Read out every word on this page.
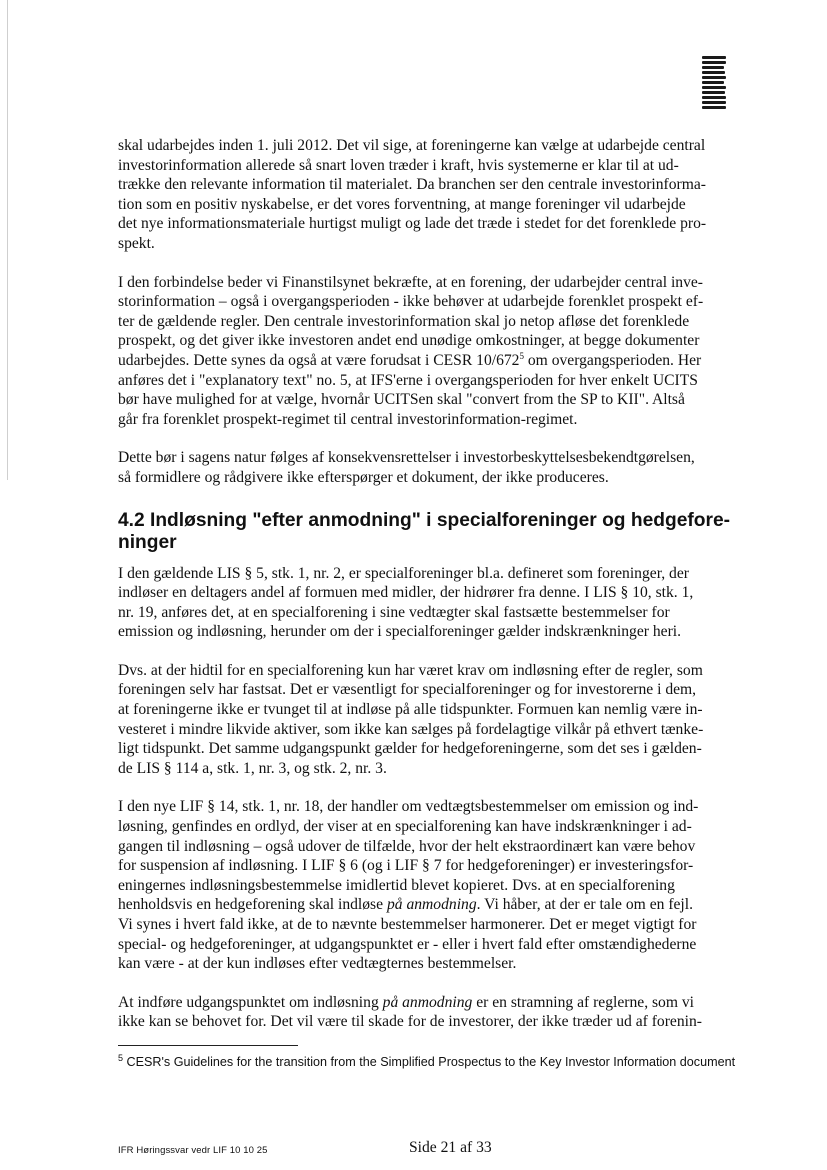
skal udarbejdes inden 1. juli 2012. Det vil sige, at foreningerne kan vælge at udarbejde central
investorinformation allerede så snart loven træder i kraft, hvis systemerne er klar til at ud-
trække den relevante information til materialet. Da branchen ser den centrale investorinforma-
tion som en positiv nyskabelse, er det vores forventning, at mange foreninger vil udarbejde
det nye informationsmateriale hurtigst muligt og lade det træde i stedet for det forenklede pro-
spekt.

I den forbindelse beder vi Finanstilsynet bekræfte, at en forening, der udarbejder central inve-
storinformation – også i overgangsperioden - ikke behøver at udarbejde forenklet prospekt ef-
ter de gældende regler. Den centrale investorinformation skal jo netop afløse det forenklede
prospekt, og det giver ikke investoren andet end unødige omkostninger, at begge dokumenter
udarbejdes. Dette synes da også at være forudsat i CESR $10/672^5$ om overgangsperioden. Her
anføres det i "explanatory text" no. 5, at IFS'erne i overgangsperioden for hver enkelt UCITS
bør have mulighed for at vælge, hvornår UCITSen skal "convert from the SP to KII". Altså
går fra forenklet prospekt-regimet til central investorinformation-regimet.

Dette bør i sagens natur følges af konsekvensrettelser i investorbeskyttelsesbekendtgørelsen,
så formidlere og rådgivere ikke efterspørger et dokument, der ikke produceres.

4.2 Indløsning "efter anmodning" i specialforeninger og hedgefore-
ninger

I den gældende LIS § 5, stk. 1, nr. 2, er specialforeninger bl.a. defineret som foreninger, der
indløser en deltagers andel af formuen med midler, der hidrører fra denne. I LIS § 10, stk. 1,
nr. 19, anføres det, at en specialforening i sine vedtægter skal fastsætte bestemmelser for
emission og indløsning, herunder om der i specialforeninger gælder indskrænkninger heri.

Dvs. at der hidtil for en specialforening kun har været krav om indløsning efter de regler, som
foreningen selv har fastsat. Det er væsentligt for specialforeninger og for investorerne i dem,
at foreningerne ikke er tvunget til at indløse på alle tidspunkter. Formuen kan nemlig være in-
vesteret i mindre likvide aktiver, som ikke kan sælges på fordelagtige vilkår på ethvert tænke-
ligt tidspunkt. Det samme udgangspunkt gælder for hedgeforeningerne, som det ses i gælden-
de LIS § 114 a, stk. 1, nr. 3, og stk. 2, nr. 3.

I den nye LIF § 14, stk. 1, nr. 18, der handler om vedtægtsbestemmelser om emission og ind-
løsning, genfindes en ordlyd, der viser at en specialforening kan have indskrænkninger i ad-
gangen til indløsning – også udover de tilfælde, hvor der helt ekstraordinært kan være behov
for suspension af indløsning. I LIF § 6 (og i LIF § 7 for hedgeforeninger) er investeringsfor-
eningernes indløsningsbestemmelse imidlertid blevet kopieret. Dvs. at en specialforening
henholdsvis en hedgeforening skal indløse på anmodning. Vi håber, at der er tale om en fejl.
Vi synes i hvert fald ikke, at de to nævnte bestemmelser harmonerer. Det er meget vigtigt for
special- og hedgeforeninger, at udgangspunktet er - eller i hvert fald efter omstændighederne
kan være - at der kun indløses efter vedtægternes bestemmelser.

At indføre udgangspunktet om indløsning på anmodning er en stramning af reglerne, som vi
ikke kan se behovet for. Det vil være til skade for de investorer, der ikke træder ud af forenin-

$^5$ CESR's Guidelines for the transition from the Simplified Prospectus to the Key Investor Information document
IFR Høringssvar vedr LIF 10 10 25	Side 21 af 33
